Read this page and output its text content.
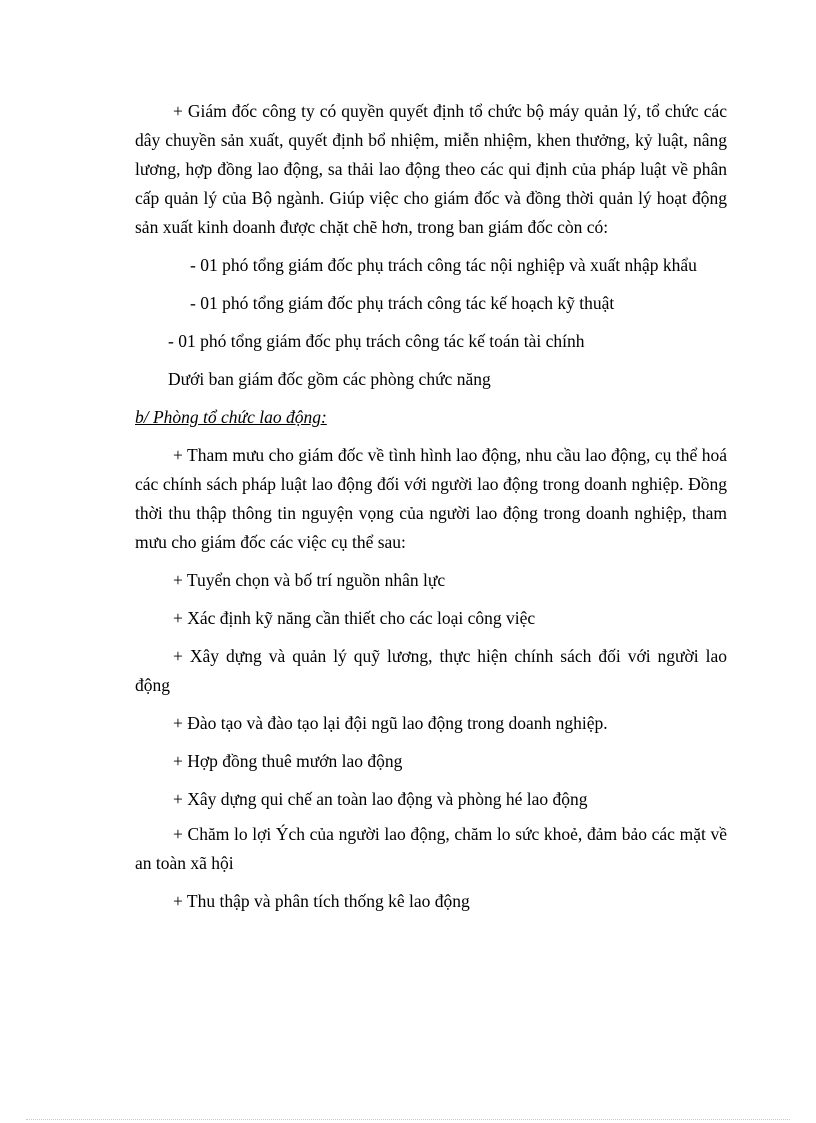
+ Giám đốc công ty có quyền quyết định tổ chức bộ máy quản lý, tổ chức các dây chuyền sản xuất, quyết định bổ nhiệm, miễn nhiệm, khen thưởng, kỷ luật, nâng lương, hợp đồng lao động, sa thải lao động theo các qui định của pháp luật về phân cấp quản lý của Bộ ngành. Giúp việc cho giám đốc và đồng thời quản lý hoạt động sản xuất kinh doanh được chặt chẽ hơn, trong ban giám đốc còn có:

- 01 phó tổng giám đốc phụ trách công tác nội nghiệp và xuất nhập khẩu

- 01 phó tổng giám đốc phụ trách công tác kế hoạch kỹ thuật

- 01 phó tổng giám đốc phụ trách công tác kế toán tài chính

Dưới ban giám đốc gồm các phòng chức năng

b/ Phòng tổ chức lao động:

+ Tham mưu cho giám đốc về tình hình lao động, nhu cầu lao động, cụ thể hoá các chính sách pháp luật lao động đối với người lao động trong doanh nghiệp. Đồng thời thu thập thông tin nguyện vọng của người lao động trong doanh nghiệp, tham mưu cho giám đốc các việc cụ thể sau:

+ Tuyển chọn và bố trí nguồn nhân lực

+ Xác định kỹ năng cần thiết cho các loại công việc

+ Xây dựng và quản lý quỹ lương, thực hiện chính sách đối với người lao động

+ Đào tạo và đào tạo lại đội ngũ lao động trong doanh nghiệp.

+ Hợp đồng thuê mướn lao động

+ Xây dựng qui chế an toàn lao động và phòng hé lao động

+ Chăm lo lợi Ých của người lao động, chăm lo sức khoẻ, đảm bảo các mặt về an toàn xã hội

+ Thu thập và phân tích thống kê lao động
